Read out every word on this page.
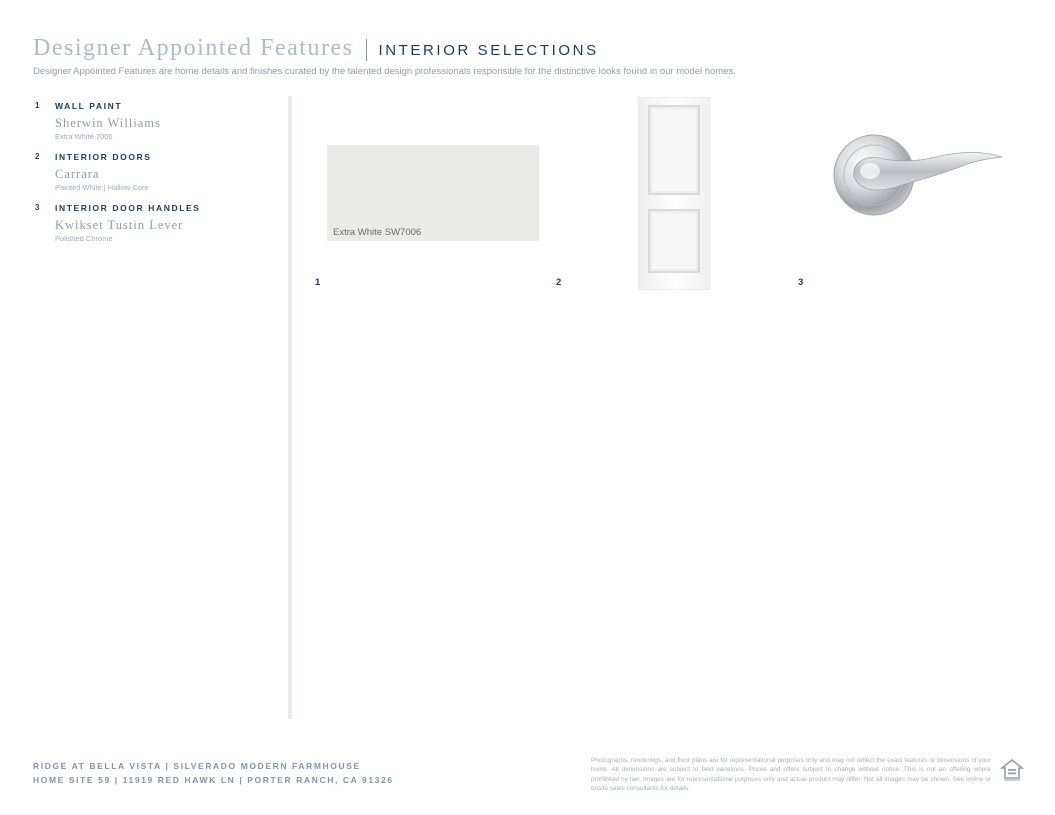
Designer Appointed Features INTERIOR SELECTIONS
Designer Appointed Features are home details and finishes curated by the talented design professionals responsible for the distinctive looks found in our model homes.
1 WALL PAINT
Sherwin Williams
Extra White 7006
2 INTERIOR DOORS
Carrara
Painted White | Hollow Core
3 INTERIOR DOOR HANDLES
Kwikset Tustin Lever
Polished Chrome
Extra White SW7006
1	2	3
RIDGE AT BELLA VISTA | SILVERADO MODERN FARMHOUSE
HOME SITE 59 | 11919 RED HAWK LN | PORTER RANCH, CA 91326
Photographs, renderings, and floor plans are for representational purposes only and may not reflect the exact features or dimensions of your home. All dimensions are subject to field variations. Prices and offers subject to change without notice. This is not an offering where prohibited by law. Images are for representational purposes only and actual product may differ. Not all images may be shown. See online or onsite sales consultants for details.
